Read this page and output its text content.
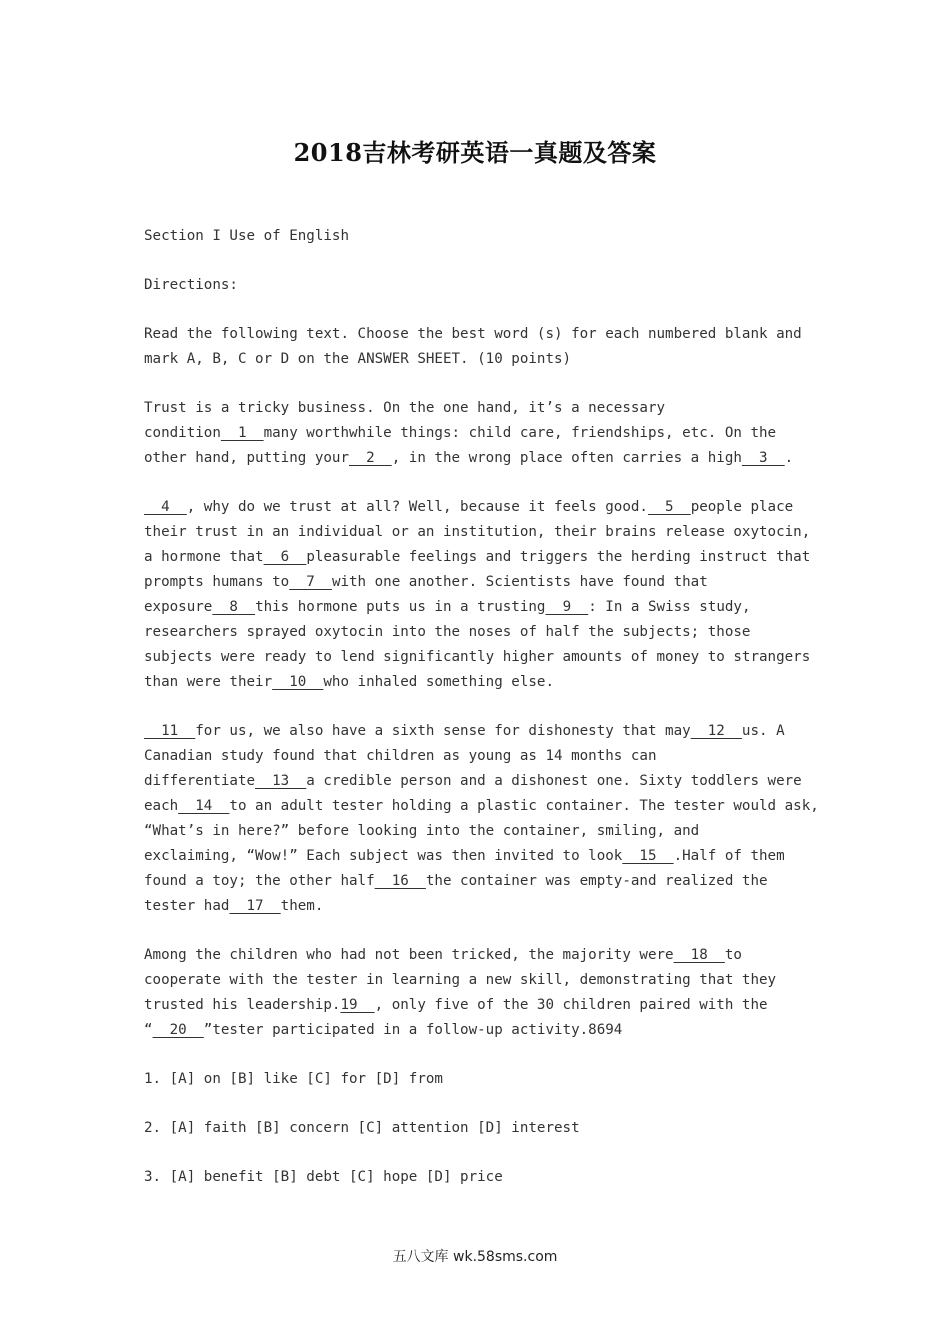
2018吉林考研英语一真题及答案
Section I Use of English
Directions:
Read the following text. Choose the best word (s) for each numbered blank and
mark A, B, C or D on the ANSWER SHEET. (10 points)
Trust is a tricky business. On the one hand, it’s a necessary
condition  1  many worthwhile things: child care, friendships, etc. On the
other hand, putting your  2  , in the wrong place often carries a high  3  .
4  , why do we trust at all? Well, because it feels good.  5  people place
their trust in an individual or an institution, their brains release oxytocin,
a hormone that  6  pleasurable feelings and triggers the herding instruct that
prompts humans to  7  with one another. Scientists have found that
exposure  8  this hormone puts us in a trusting  9  : In a Swiss study,
researchers sprayed oxytocin into the noses of half the subjects; those
subjects were ready to lend significantly higher amounts of money to strangers
than were their  10  who inhaled something else.
11  for us, we also have a sixth sense for dishonesty that may  12  us. A
Canadian study found that children as young as 14 months can
differentiate  13  a credible person and a dishonest one. Sixty toddlers were
each  14  to an adult tester holding a plastic container. The tester would ask,
“What’s in here?” before looking into the container, smiling, and
exclaiming, “Wow!” Each subject was then invited to look  15  .Half of them
found a toy; the other half  16  the container was empty-and realized the
tester had  17  them.
Among the children who had not been tricked, the majority were  18  to
cooperate with the tester in learning a new skill, demonstrating that they
trusted his leadership.19  , only five of the 30 children paired with the
“  20  ”tester participated in a follow-up activity.8694
1. [A] on [B] like [C] for [D] from
2. [A] faith [B] concern [C] attention [D] interest
3. [A] benefit [B] debt [C] hope [D] price
五八文库 wk.58sms.com
